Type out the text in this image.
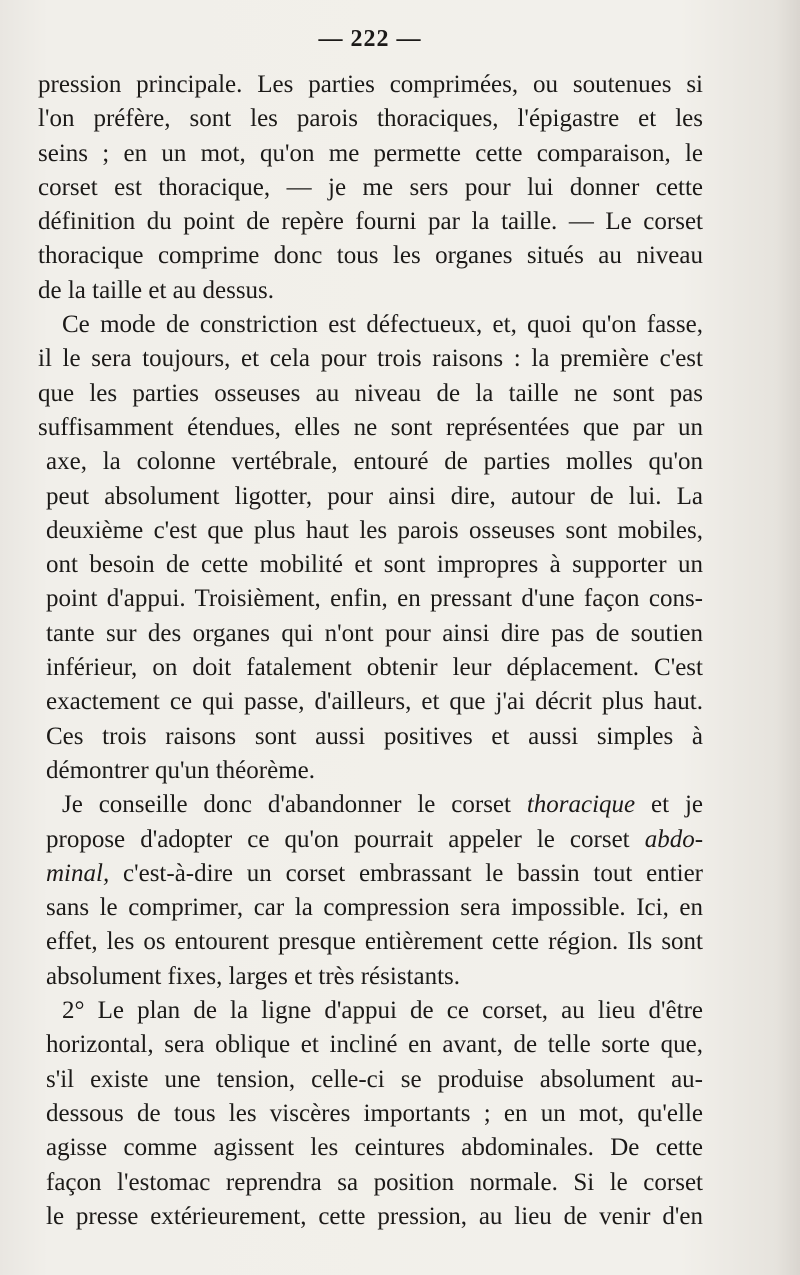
— 222 —
pression principale. Les parties comprimées, ou soutenues si
l'on préfère, sont les parois thoraciques, l'épigastre et les
seins ; en un mot, qu'on me permette cette comparaison, le
corset est thoracique, — je me sers pour lui donner cette
définition du point de repère fourni par la taille. — Le corset
thoracique comprime donc tous les organes situés au niveau
de la taille et au dessus.
Ce mode de constriction est défectueux, et, quoi qu'on fasse,
il le sera toujours, et cela pour trois raisons : la première c'est
que les parties osseuses au niveau de la taille ne sont pas
suffisamment étendues, elles ne sont représentées que par un
axe, la colonne vertébrale, entouré de parties molles qu'on
peut absolument ligotter, pour ainsi dire, autour de lui. La
deuxième c'est que plus haut les parois osseuses sont mobiles,
ont besoin de cette mobilité et sont impropres à supporter un
point d'appui. Troisièment, enfin, en pressant d'une façon cons-
tante sur des organes qui n'ont pour ainsi dire pas de soutien
inférieur, on doit fatalement obtenir leur déplacement. C'est
exactement ce qui passe, d'ailleurs, et que j'ai décrit plus haut.
Ces trois raisons sont aussi positives et aussi simples à
démontrer qu'un théorème.
Je conseille donc d'abandonner le corset thoracique et je
propose d'adopter ce qu'on pourrait appeler le corset abdo-
minal, c'est-à-dire un corset embrassant le bassin tout entier
sans le comprimer, car la compression sera impossible. Ici, en
effet, les os entourent presque entièrement cette région. Ils sont
absolument fixes, larges et très résistants.
2° Le plan de la ligne d'appui de ce corset, au lieu d'être
horizontal, sera oblique et incliné en avant, de telle sorte que,
s'il existe une tension, celle-ci se produise absolument au-
dessous de tous les viscères importants ; en un mot, qu'elle
agisse comme agissent les ceintures abdominales. De cette
façon l'estomac reprendra sa position normale. Si le corset
le presse extérieurement, cette pression, au lieu de venir d'en
